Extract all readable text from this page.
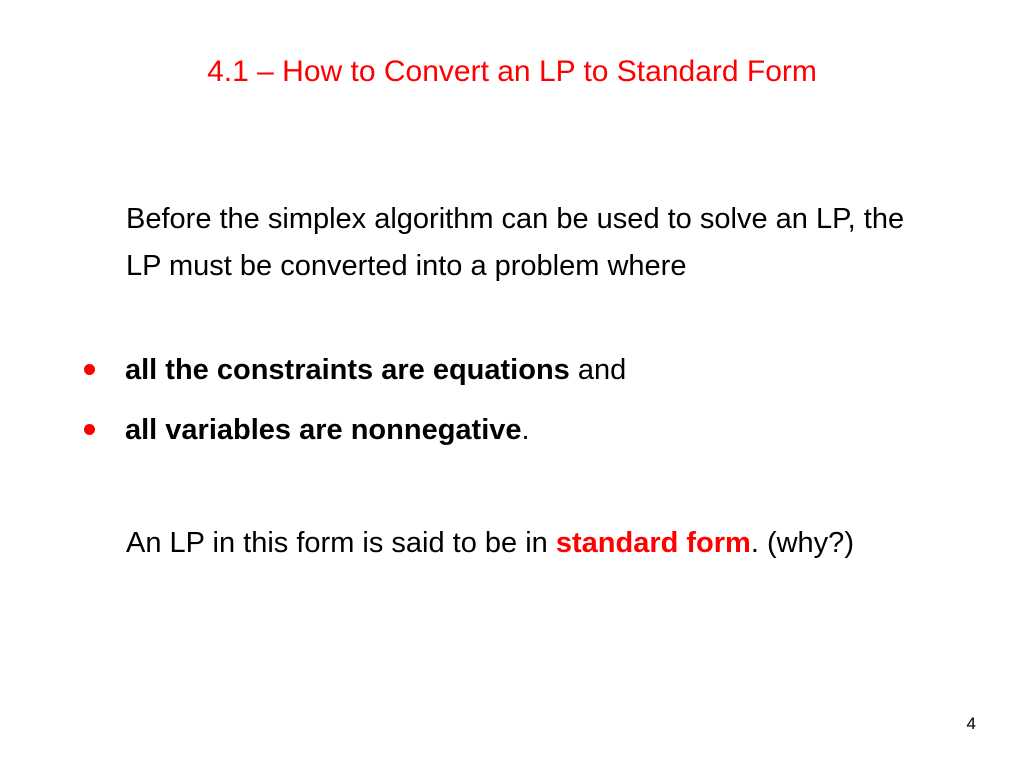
4.1 – How to Convert an LP to Standard Form
Before the simplex algorithm can be used to solve an LP, the LP must be converted into a problem where
all the constraints are equations and
all variables are nonnegative.
An LP in this form is said to be in standard form. (why?)
4
